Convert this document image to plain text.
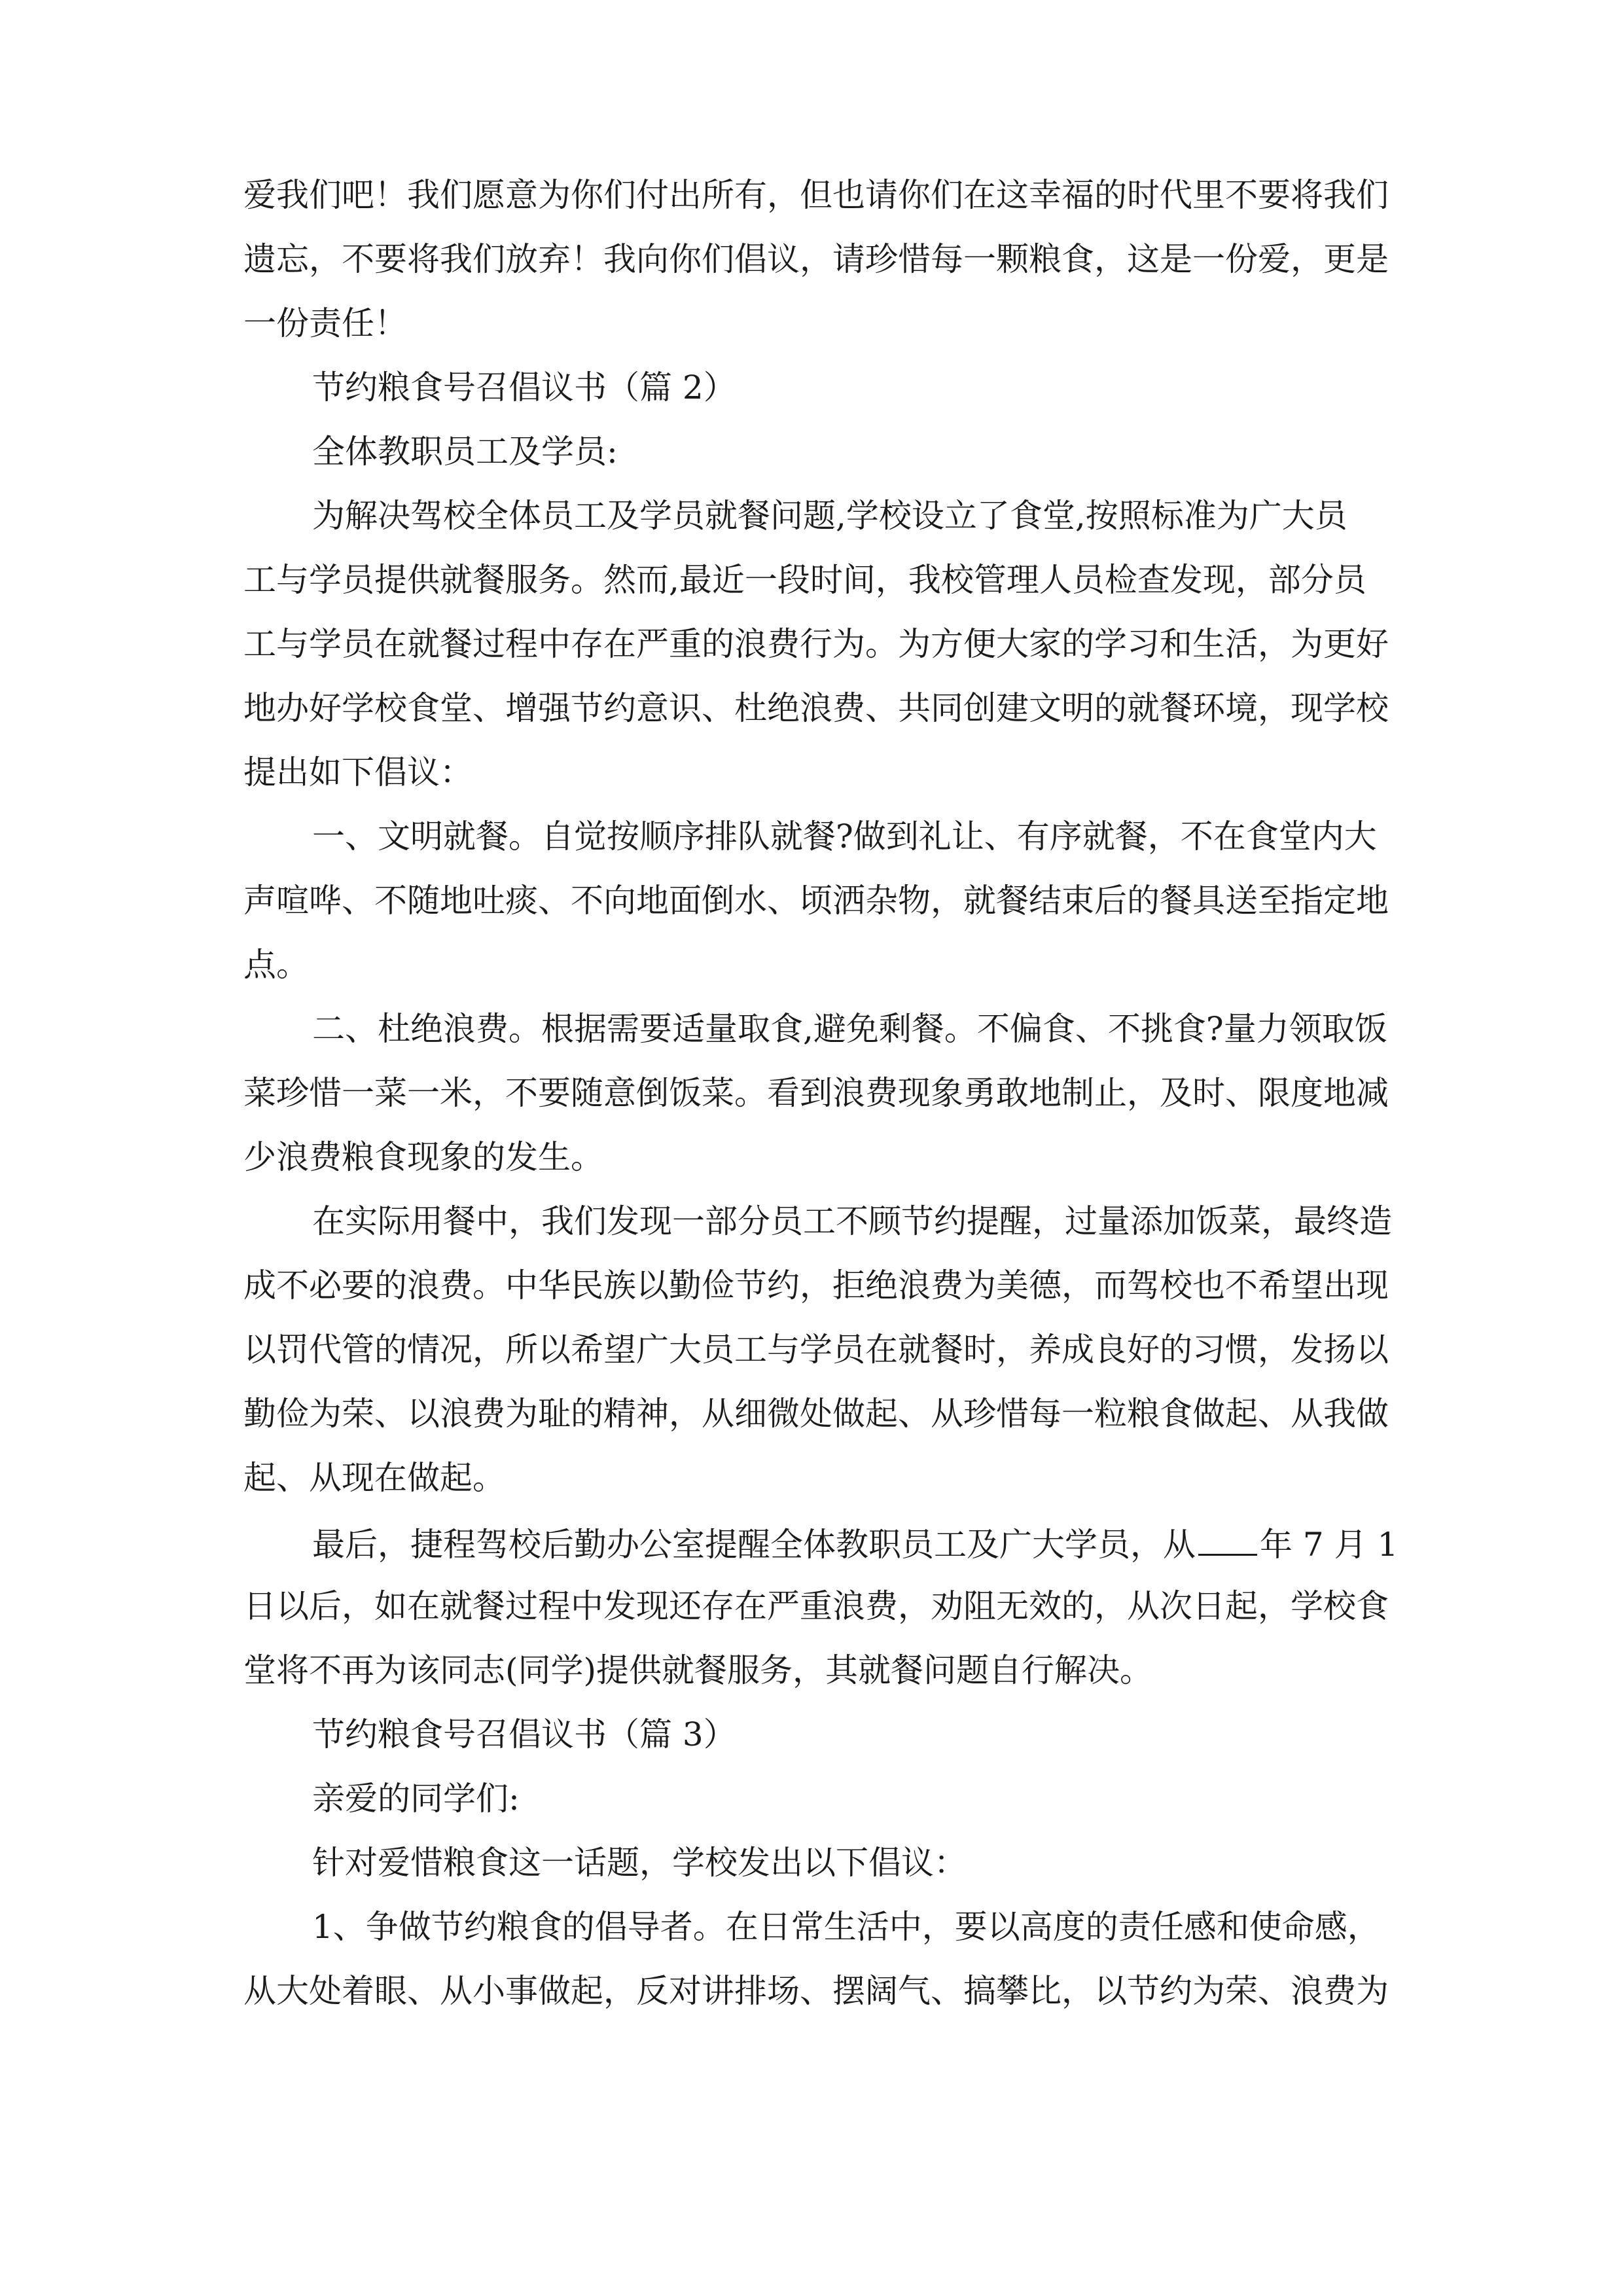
爱我们吧！我们愿意为你们付出所有，但也请你们在这幸福的时代里不要将我们
遗忘，不要将我们放弃！我向你们倡议，请珍惜每一颗粮食，这是一份爱，更是
一份责任！
节约粮食号召倡议书（篇 2）
全体教职员工及学员:
为解决驾校全体员工及学员就餐问题,学校设立了食堂,按照标准为广大员
工与学员提供就餐服务。然而,最近一段时间，我校管理人员检查发现，部分员
工与学员在就餐过程中存在严重的浪费行为。为方便大家的学习和生活，为更好
地办好学校食堂、增强节约意识、杜绝浪费、共同创建文明的就餐环境，现学校
提出如下倡议：
一、文明就餐。自觉按顺序排队就餐?做到礼让、有序就餐，不在食堂内大
声喧哗、不随地吐痰、不向地面倒水、顷洒杂物，就餐结束后的餐具送至指定地
点。
二、杜绝浪费。根据需要适量取食,避免剩餐。不偏食、不挑食?量力领取饭
菜珍惜一菜一米，不要随意倒饭菜。看到浪费现象勇敢地制止，及时、限度地减
少浪费粮食现象的发生。
在实际用餐中，我们发现一部分员工不顾节约提醒，过量添加饭菜，最终造
成不必要的浪费。中华民族以勤俭节约，拒绝浪费为美德，而驾校也不希望出现
以罚代管的情况，所以希望广大员工与学员在就餐时，养成良好的习惯，发扬以
勤俭为荣、以浪费为耻的精神，从细微处做起、从珍惜每一粒粮食做起、从我做
起、从现在做起。
最后，捷程驾校后勤办公室提醒全体教职员工及广大学员，从 年 7 月 1
日以后，如在就餐过程中发现还存在严重浪费，劝阻无效的，从次日起，学校食
堂将不再为该同志(同学)提供就餐服务，其就餐问题自行解决。
节约粮食号召倡议书（篇 3）
亲爱的同学们:
针对爱惜粮食这一话题，学校发出以下倡议：
1、争做节约粮食的倡导者。在日常生活中，要以高度的责任感和使命感，
从大处着眼、从小事做起，反对讲排场、摆阔气、搞攀比，以节约为荣、浪费为
